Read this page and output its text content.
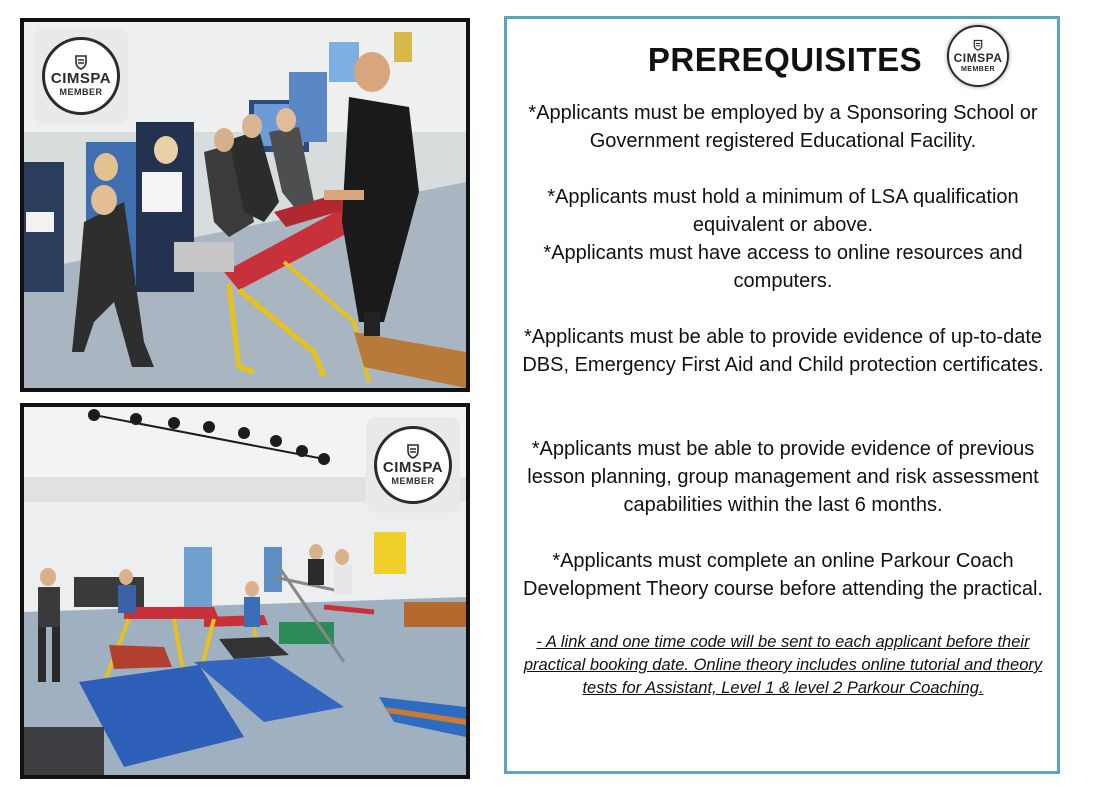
CIMSPA
MEMBER
CIMSPA
MEMBER
PREREQUISITES	CIMSPA
MEMBER
*Applicants must be employed by a Sponsoring School or Government registered Educational Facility.
*Applicants must hold a minimum of LSA qualification equivalent or above.
*Applicants must have access to online resources and computers.
*Applicants must be able to provide evidence of up-to-date DBS, Emergency First Aid and Child protection certificates.
*Applicants must be able to provide evidence of previous lesson planning, group management and risk assessment capabilities within the last 6 months.
*Applicants must complete an online Parkour Coach Development Theory course before attending the practical.
- A link and one time code will be sent to each applicant before their practical booking date. Online theory includes online tutorial and theory tests for Assistant, Level 1 & level 2 Parkour Coaching.
